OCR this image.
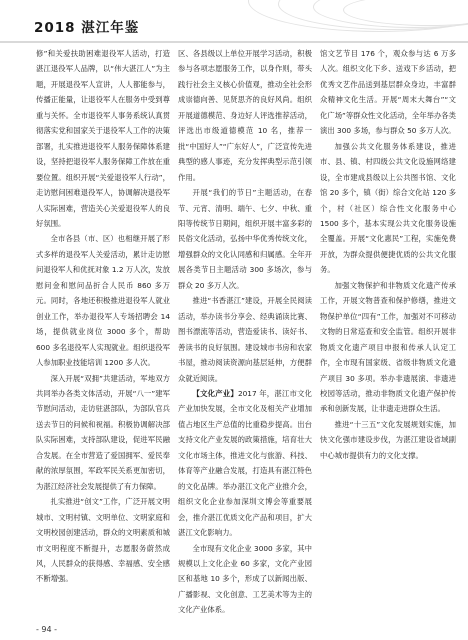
2018 湛江年鉴

修”和关爱扶助困难退役军人活动，打造湛江退役军人品牌，以“伟大湛江人”为主题，开展退役军人宣讲，人人都能参与，传播正能量，让退役军人在服务中受到尊重与关怀。全市退役军人事务系统认真贯彻落实党和国家关于退役军人工作的决策部署，扎实推进退役军人服务保障体系建设，坚持把退役军人服务保障工作放在重要位置。组织开展“关爱退役军人行动”，走访慰问困难退役军人，协调解决退役军人实际困难，营造关心关爱退役军人的良好氛围。

全市各县（市、区）也相继开展了形式多样的退役军人关爱活动，累计走访慰问退役军人和优抚对象 1.2 万人次，发放慰问金和慰问品折合人民币 860 多万元。同时，各地还积极推进退役军人就业创业工作，举办退役军人专场招聘会 14 场，提供就业岗位 3000 多个，帮助 600 多名退役军人实现就业。组织退役军人参加职业技能培训 1200 多人次。

深入开展“双拥”共建活动，军地双方共同举办各类文体活动，开展“八一”建军节慰问活动，走访驻湛部队，为部队官兵送去节日的问候和祝福。积极协调解决部队实际困难，支持部队建设，促进军民融合发展。在全市营造了爱国拥军、爱民奉献的浓厚氛围，军政军民关系更加密切，为湛江经济社会发展提供了有力保障。

扎实推进“创文”工作，广泛开展文明城市、文明村镇、文明单位、文明家庭和文明校园创建活动，群众的文明素质和城市文明程度不断提升，志愿服务蔚然成风，人民群众的获得感、幸福感、安全感不断增强。

区、各县级以上单位开展学习活动，积极参与各项志愿服务工作，以身作则，带头践行社会主义核心价值观，推动全社会形成崇德向善、见贤思齐的良好风尚。组织开展道德模范、身边好人评选推荐活动，评选出市级道德模范 10 名，推荐一批“中国好人”“广东好人”，广泛宣传先进典型的感人事迹，充分发挥典型示范引领作用。

开展“我们的节日”主题活动，在春节、元宵、清明、端午、七夕、中秋、重阳等传统节日期间，组织开展丰富多彩的民俗文化活动，弘扬中华优秀传统文化，增强群众的文化认同感和归属感。全年开展各类节日主题活动 300 多场次，参与群众 20 多万人次。

推进“书香湛江”建设，开展全民阅读活动，举办读书分享会、经典诵读比赛、图书漂流等活动，营造爱读书、读好书、善读书的良好氛围。建设城市书房和农家书屋，推动阅读资源向基层延伸，方便群众就近阅读。

【文化产业】2017 年，湛江市文化产业加快发展，全市文化及相关产业增加值占地区生产总值的比重稳步提高。出台支持文化产业发展的政策措施，培育壮大文化市场主体，推进文化与旅游、科技、体育等产业融合发展，打造具有湛江特色的文化品牌。举办湛江文化产业推介会，组织文化企业参加深圳文博会等重要展会，推介湛江优质文化产品和项目，扩大湛江文化影响力。

全市现有文化企业 3000 多家，其中规模以上文化企业 60 多家，文化产业园区和基地 10 多个，形成了以新闻出版、广播影视、文化创意、工艺美术等为主的文化产业体系。

馆文艺节目 176 个，观众参与达 6 万多人次。组织文化下乡、送戏下乡活动，把优秀文艺作品送到基层群众身边，丰富群众精神文化生活。开展“周末大舞台”“文化广场”等群众性文化活动，全年举办各类演出 300 多场，参与群众 50 多万人次。

加强公共文化服务体系建设，推进市、县、镇、村四级公共文化设施网络建设，全市建成县级以上公共图书馆、文化馆 20 多个，镇（街）综合文化站 120 多个，村（社区）综合性文化服务中心 1500 多个，基本实现公共文化服务设施全覆盖。开展“文化惠民”工程，实施免费开放，为群众提供便捷优质的公共文化服务。

加强文物保护和非物质文化遗产传承工作，开展文物普查和保护修缮，推进文物保护单位“四有”工作，加强对不可移动文物的日常巡查和安全监管。组织开展非物质文化遗产项目申报和传承人认定工作，全市现有国家级、省级非物质文化遗产项目 30 多项。举办非遗展演、非遗进校园等活动，推动非物质文化遗产保护传承和创新发展，让非遗走进群众生活。

推进“十三五”文化发展规划实施，加快文化强市建设步伐，为湛江建设省域副中心城市提供有力的文化支撑。

- 94 -
